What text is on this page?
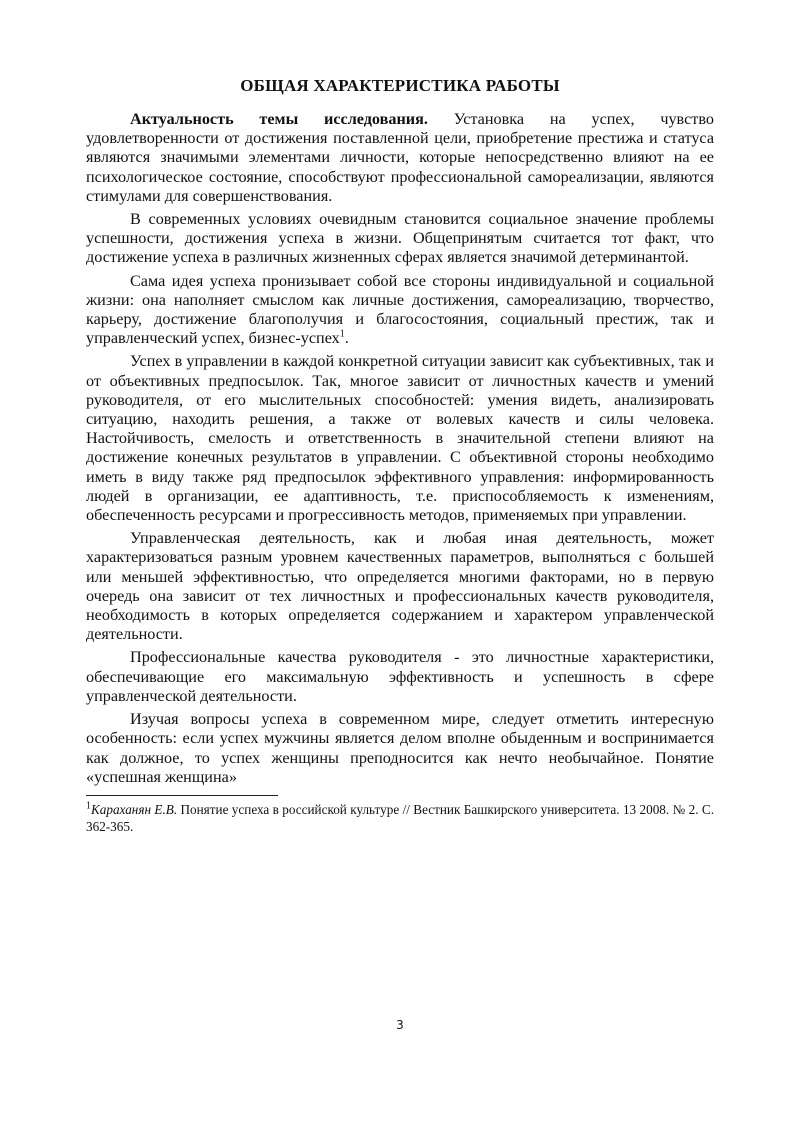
ОБЩАЯ ХАРАКТЕРИСТИКА РАБОТЫ

Актуальность темы исследования. Установка на успех, чувство удовлетворенности от достижения поставленной цели, приобретение престижа и статуса являются значимыми элементами личности, которые непосредственно влияют на ее психологическое состояние, способствуют профессиональной самореализации, являются стимулами для совершенствования.

В современных условиях очевидным становится социальное значение проблемы успешности, достижения успеха в жизни. Общепринятым считается тот факт, что достижение успеха в различных жизненных сферах является значимой детерминантой.

Сама идея успеха пронизывает собой все стороны индивидуальной и социальной жизни: она наполняет смыслом как личные достижения, самореализацию, творчество, карьеру, достижение благополучия и благосостояния, социальный престиж, так и управленческий успех, бизнес-успех$^1$.

Успех в управлении в каждой конкретной ситуации зависит как субъективных, так и от объективных предпосылок. Так, многое зависит от личностных качеств и умений руководителя, от его мыслительных способностей: умения видеть, анализировать ситуацию, находить решения, а также от волевых качеств и силы человека. Настойчивость, смелость и ответственность в значительной степени влияют на достижение конечных результатов в управлении. С объективной стороны необходимо иметь в виду также ряд предпосылок эффективного управления: информированность людей в организации, ее адаптивность, т.е. приспособляемость к изменениям, обеспеченность ресурсами и прогрессивность методов, применяемых при управлении.

Управленческая деятельность, как и любая иная деятельность, может характеризоваться разным уровнем качественных параметров, выполняться с большей или меньшей эффективностью, что определяется многими факторами, но в первую очередь она зависит от тех личностных и профессиональных качеств руководителя, необходимость в которых определяется содержанием и характером управленческой деятельности.

Профессиональные качества руководителя - это личностные характеристики, обеспечивающие его максимальную эффективность и успешность в сфере управленческой деятельности.

Изучая вопросы успеха в современном мире, следует отметить интересную особенность: если успех мужчины является делом вполне обыденным и воспринимается как должное, то успех женщины преподносится как нечто необычайное. Понятие «успешная женщина»

$^1$Караханян Е.В. Понятие успеха в российской культуре // Вестник Башкирского университета. 13 2008. № 2. С. 362-365.
3
